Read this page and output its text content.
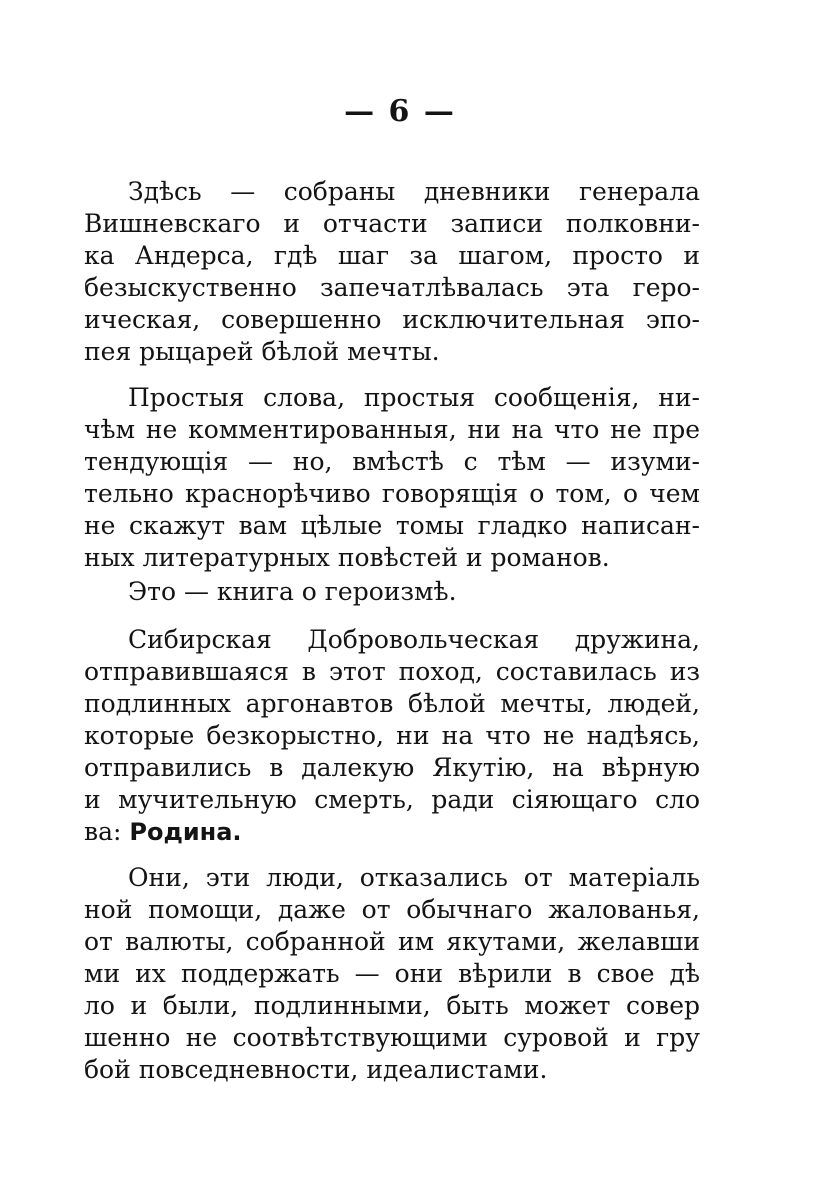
— 6 —
Здѣсь — собраны дневники генерала
Вишневскаго и отчасти записи полковни-
ка Андерса, гдѣ шаг за шагом, просто и
безыскуственно запечатлѣвалась эта геро-
ическая, совершенно исключительная эпо-
пея рыцарей бѣлой мечты.
Простыя слова, простыя сообщенія, ни-
чѣм не комментированныя, ни на что не пре
тендующія — но, вмѣстѣ с тѣм — изуми-
тельно краснорѣчиво говорящія о том, о чем
не скажут вам цѣлые томы гладко написан-
ных литературных повѣстей и романов.
Это — книга о героизмѣ.
Сибирская Добровольческая дружина,
отправившаяся в этот поход, составилась из
подлинных аргонавтов бѣлой мечты, людей,
которые безкорыстно, ни на что не надѣясь,
отправились в далекую Якутію, на вѣрную
и мучительную смерть, ради сіяющаго сло
ва: Родина.
Они, эти люди, отказались от матеріаль
ной помощи, даже от обычнаго жалованья,
от валюты, собранной им якутами, желавши
ми их поддержать — они вѣрили в свое дѣ
ло и были, подлинными, быть может совер
шенно не соотвѣтствующими суровой и гру
бой повседневности, идеалистами.
